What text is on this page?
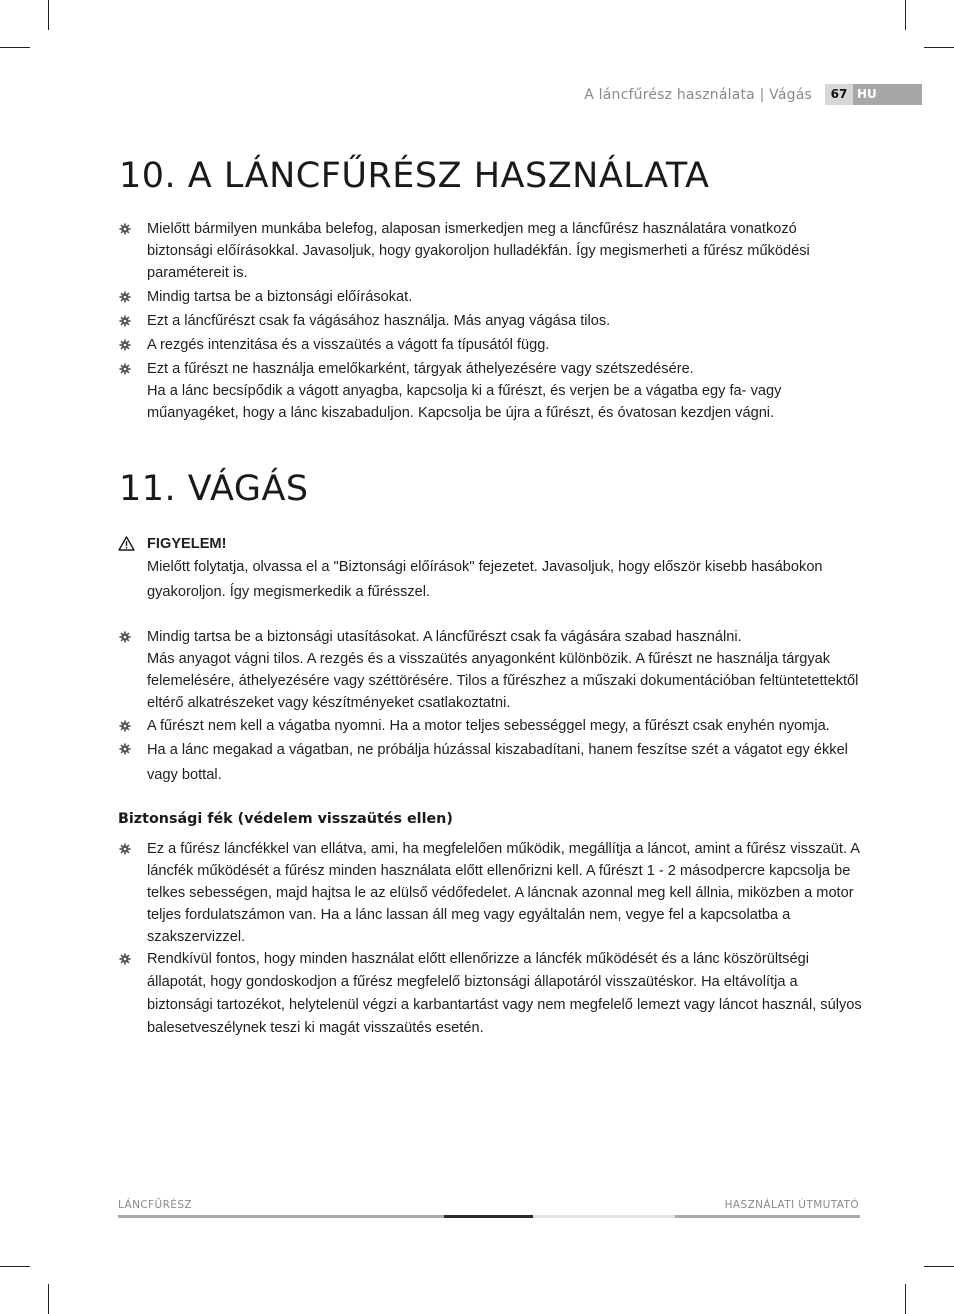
A láncfűrész használata | Vágás	67 HU
10. A LÁNCFŰRÉSZ HASZNÁLATA
Mielőtt bármilyen munkába belefog, alaposan ismerkedjen meg a láncfűrész használatára vonatkozó biztonsági előírásokkal. Javasoljuk, hogy gyakoroljon hulladékfán. Így megismerheti a fűrész működési paramétereit is.
Mindig tartsa be a biztonsági előírásokat.
Ezt a láncfűrészt csak fa vágásához használja. Más anyag vágása tilos.
A rezgés intenzitása és a visszaütés a vágott fa típusától függ.
Ezt a fűrészt ne használja emelőkarként, tárgyak áthelyezésére vagy szétszedésére.
Ha a lánc becsípődik a vágott anyagba, kapcsolja ki a fűrészt, és verjen be a vágatba egy fa- vagy műanyagéket, hogy a lánc kiszabaduljon. Kapcsolja be újra a fűrészt, és óvatosan kezdjen vágni.
11. VÁGÁS
FIGYELEM!
Mielőtt folytatja, olvassa el a "Biztonsági előírások" fejezetet. Javasoljuk, hogy először kisebb hasábokon gyakoroljon. Így megismerkedik a fűrésszel.
Mindig tartsa be a biztonsági utasításokat. A láncfűrészt csak fa vágására szabad használni.
Más anyagot vágni tilos. A rezgés és a visszaütés anyagonként különbözik. A fűrészt ne használja tárgyak felemelésére, áthelyezésére vagy széttörésére. Tilos a fűrészhez a műszaki dokumentációban feltüntetettektől eltérő alkatrészeket vagy készítményeket csatlakoztatni.
A fűrészt nem kell a vágatba nyomni. Ha a motor teljes sebességgel megy, a fűrészt csak enyhén nyomja.
Ha a lánc megakad a vágatban, ne próbálja húzással kiszabadítani, hanem feszítse szét a vágatot egy ékkel vagy bottal.
Biztonsági fék (védelem visszaütés ellen)
Ez a fűrész láncfékkel van ellátva, ami, ha megfelelően működik, megállítja a láncot, amint a fűrész visszaüt. A láncfék működését a fűrész minden használata előtt ellenőrizni kell. A fűrészt 1 - 2 másodpercre kapcsolja be telkes sebességen, majd hajtsa le az elülső védőfedelet. A láncnak azonnal meg kell állnia, miközben a motor teljes fordulatszámon van. Ha a lánc lassan áll meg vagy egyáltalán nem, vegye fel a kapcsolatba a szakszervizzel.
Rendkívül fontos, hogy minden használat előtt ellenőrizze a láncfék működését és a lánc köszörültségi állapotát, hogy gondoskodjon a fűrész megfelelő biztonsági állapotáról visszaütéskor. Ha eltávolítja a biztonsági tartozékot, helytelenül végzi a karbantartást vagy nem megfelelő lemezt vagy láncot használ, súlyos balesetveszélynek teszi ki magát visszaütés esetén.
LÁNCFŰRÉSZ	HASZNÁLATI ÚTMUTATÓ
